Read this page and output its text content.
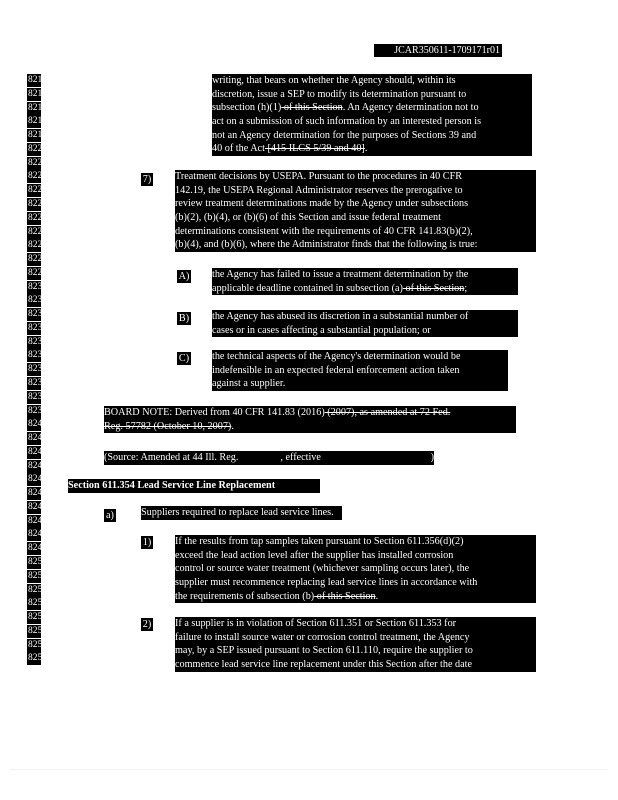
JCAR350611-1709171r01
8215
8216
8217
8218
8219
8220
8221
8222
8223
8224
8225
8226
8227
8228
8229
8230
8231
8232
8233
8234
8235
8236
8237
8238
8239
8240
8241
8242
8243
8244
8245
8246
8247
8248
8249
8250
8251
8252
8253
8254
8255
8256
8257
writing, that bears on whether the Agency should, within its
discretion, issue a SEP to modify its determination pursuant to
subsection (h)(1) of this Section. An Agency determination not to
act on a submission of such information by an interested person is
not an Agency determination for the purposes of Sections 39 and
40 of the Act [415 ILCS 5/39 and 40].
7) Treatment decisions by USEPA. Pursuant to the procedures in 40 CFR
142.19, the USEPA Regional Administrator reserves the prerogative to
review treatment determinations made by the Agency under subsections
(b)(2), (b)(4), or (b)(6) of this Section and issue federal treatment
determinations consistent with the requirements of 40 CFR 141.83(b)(2),
(b)(4), and (b)(6), where the Administrator finds that the following is true:
A) the Agency has failed to issue a treatment determination by the
applicable deadline contained in subsection (a) of this Section;
B) the Agency has abused its discretion in a substantial number of
cases or in cases affecting a substantial population; or
C) the technical aspects of the Agency's determination would be
indefensible in an expected federal enforcement action taken
against a supplier.
BOARD NOTE: Derived from 40 CFR 141.83 (2016) (2007), as amended at 72 Fed.
Reg. 57782 (October 10, 2007).
(Source: Amended at 44 Ill. Reg.	, effective	)
Section 611.354 Lead Service Line Replacement
a)	Suppliers required to replace lead service lines.
1) If the results from tap samples taken pursuant to Section 611.356(d)(2)
exceed the lead action level after the supplier has installed corrosion
control or source water treatment (whichever sampling occurs later), the
supplier must recommence replacing lead service lines in accordance with
the requirements of subsection (b) of this Section.
2) If a supplier is in violation of Section 611.351 or Section 611.353 for
failure to install source water or corrosion control treatment, the Agency
may, by a SEP issued pursuant to Section 611.110, require the supplier to
commence lead service line replacement under this Section after the date
